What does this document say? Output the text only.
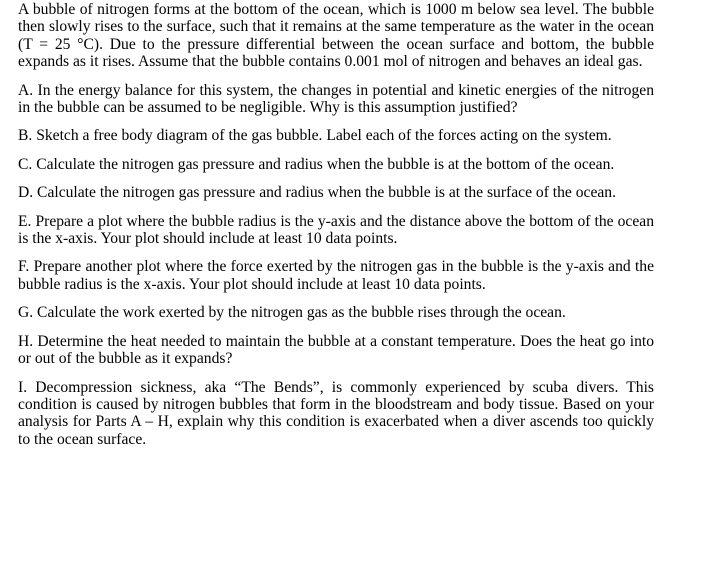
A bubble of nitrogen forms at the bottom of the ocean, which is 1000 m below sea level. The bubble then slowly rises to the surface, such that it remains at the same temperature as the water in the ocean (T = 25 °C). Due to the pressure differential between the ocean surface and bottom, the bubble expands as it rises. Assume that the bubble contains 0.001 mol of nitrogen and behaves an ideal gas.

A. In the energy balance for this system, the changes in potential and kinetic energies of the nitrogen in the bubble can be assumed to be negligible. Why is this assumption justified?

B. Sketch a free body diagram of the gas bubble. Label each of the forces acting on the system.

C. Calculate the nitrogen gas pressure and radius when the bubble is at the bottom of the ocean.

D. Calculate the nitrogen gas pressure and radius when the bubble is at the surface of the ocean.

E. Prepare a plot where the bubble radius is the y-axis and the distance above the bottom of the ocean is the x-axis. Your plot should include at least 10 data points.

F. Prepare another plot where the force exerted by the nitrogen gas in the bubble is the y-axis and the bubble radius is the x-axis. Your plot should include at least 10 data points.

G. Calculate the work exerted by the nitrogen gas as the bubble rises through the ocean.

H. Determine the heat needed to maintain the bubble at a constant temperature. Does the heat go into or out of the bubble as it expands?

I. Decompression sickness, aka “The Bends”, is commonly experienced by scuba divers. This condition is caused by nitrogen bubbles that form in the bloodstream and body tissue. Based on your analysis for Parts A – H, explain why this condition is exacerbated when a diver ascends too quickly to the ocean surface.
